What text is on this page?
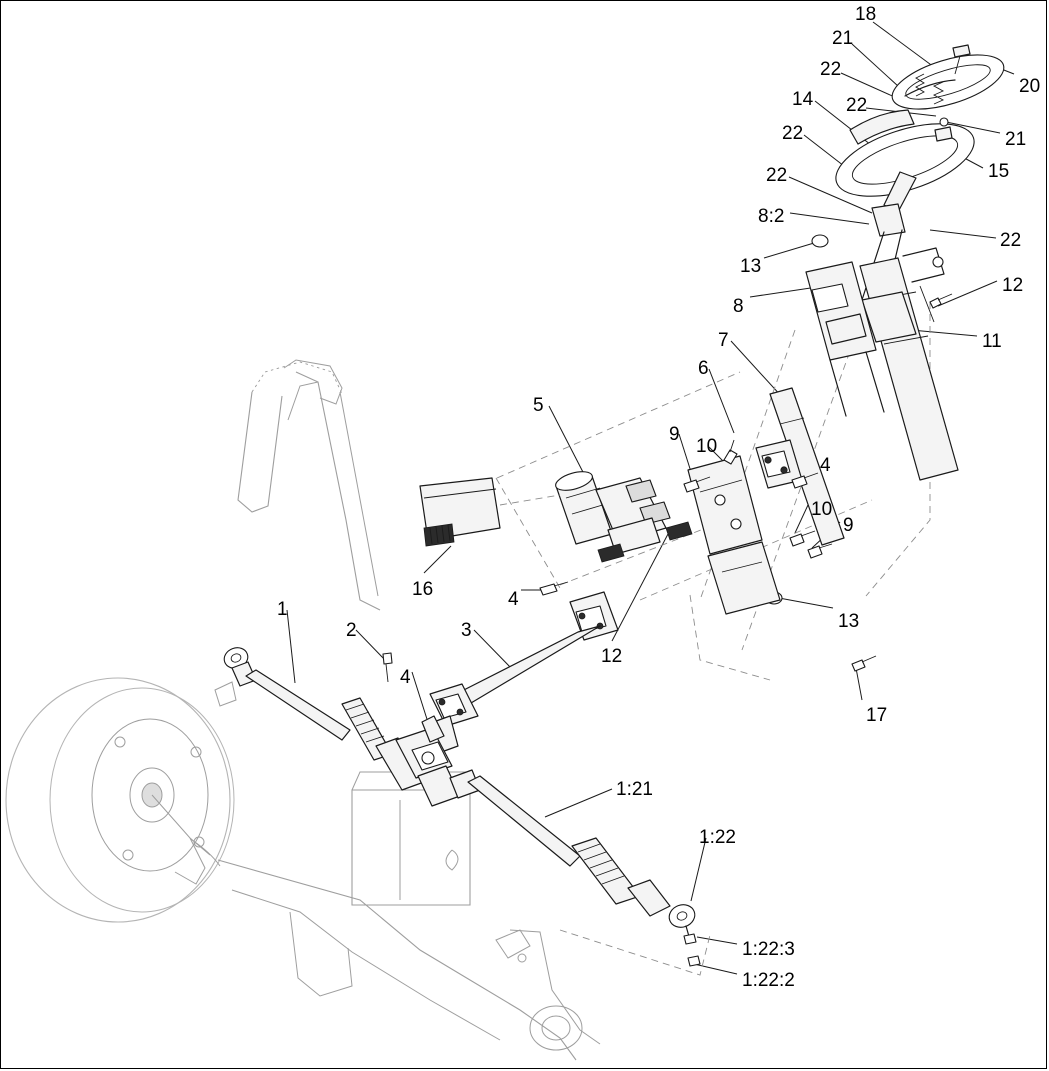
18
21
20
22
14 22
21
22
15
22
8:2
22
13
12
8
11
7
6
5
9
10
4
10
9
16	4
13
1
2	3
12
4
17
1:21
1:22
1:22:3
1:22:2
